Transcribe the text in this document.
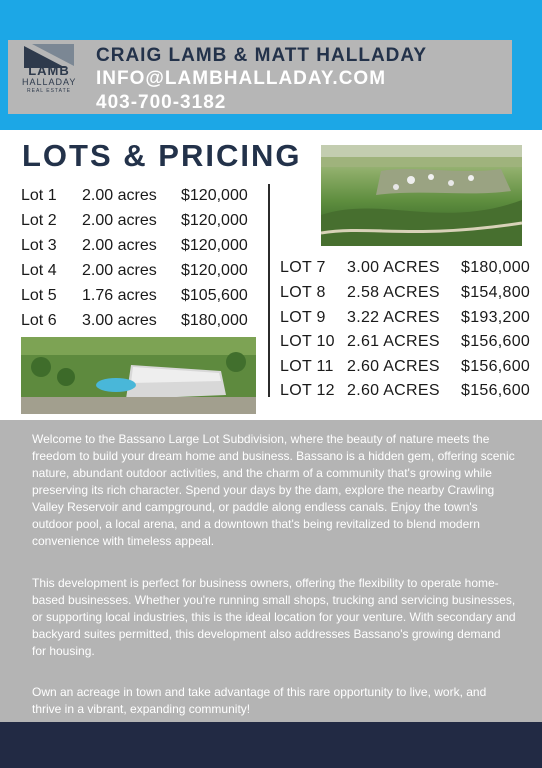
LAMB
HALLADAY
REAL ESTATE
CRAIG LAMB & MATT HALLADAY
INFO@LAMBHALLADAY.COM
403-700-3182
LOTS & PRICING
Lot 1 2.00 acres $120,000
Lot 2 2.00 acres $120,000
Lot 3 2.00 acres $120,000
Lot 4 2.00 acres $120,000
Lot 5 1.76 acres $105,600
Lot 6 3.00 acres $180,000
LOT 7 3.00 ACRES $180,000
LOT 8 2.58 ACRES $154,800
LOT 9 3.22 ACRES $193,200
LOT 10 2.61 ACRES $156,600
LOT 11 2.60 ACRES $156,600
LOT 12 2.60 ACRES $156,600

Welcome to the Bassano Large Lot Subdivision, where the beauty of nature meets the freedom to build your dream home and business. Bassano is a hidden gem, offering scenic nature, abundant outdoor activities, and the charm of a community that's growing while preserving its rich character. Spend your days by the dam, explore the nearby Crawling Valley Reservoir and campground, or paddle along endless canals. Enjoy the town's outdoor pool, a local arena, and a downtown that's being revitalized to blend modern convenience with timeless appeal.

This development is perfect for business owners, offering the flexibility to operate home-based businesses. Whether you're running small shops, trucking and servicing businesses, or supporting local industries, this is the ideal location for your venture. With secondary and backyard suites permitted, this development also addresses Bassano's growing demand for housing.

Own an acreage in town and take advantage of this rare opportunity to live, work, and thrive in a vibrant, expanding community!
